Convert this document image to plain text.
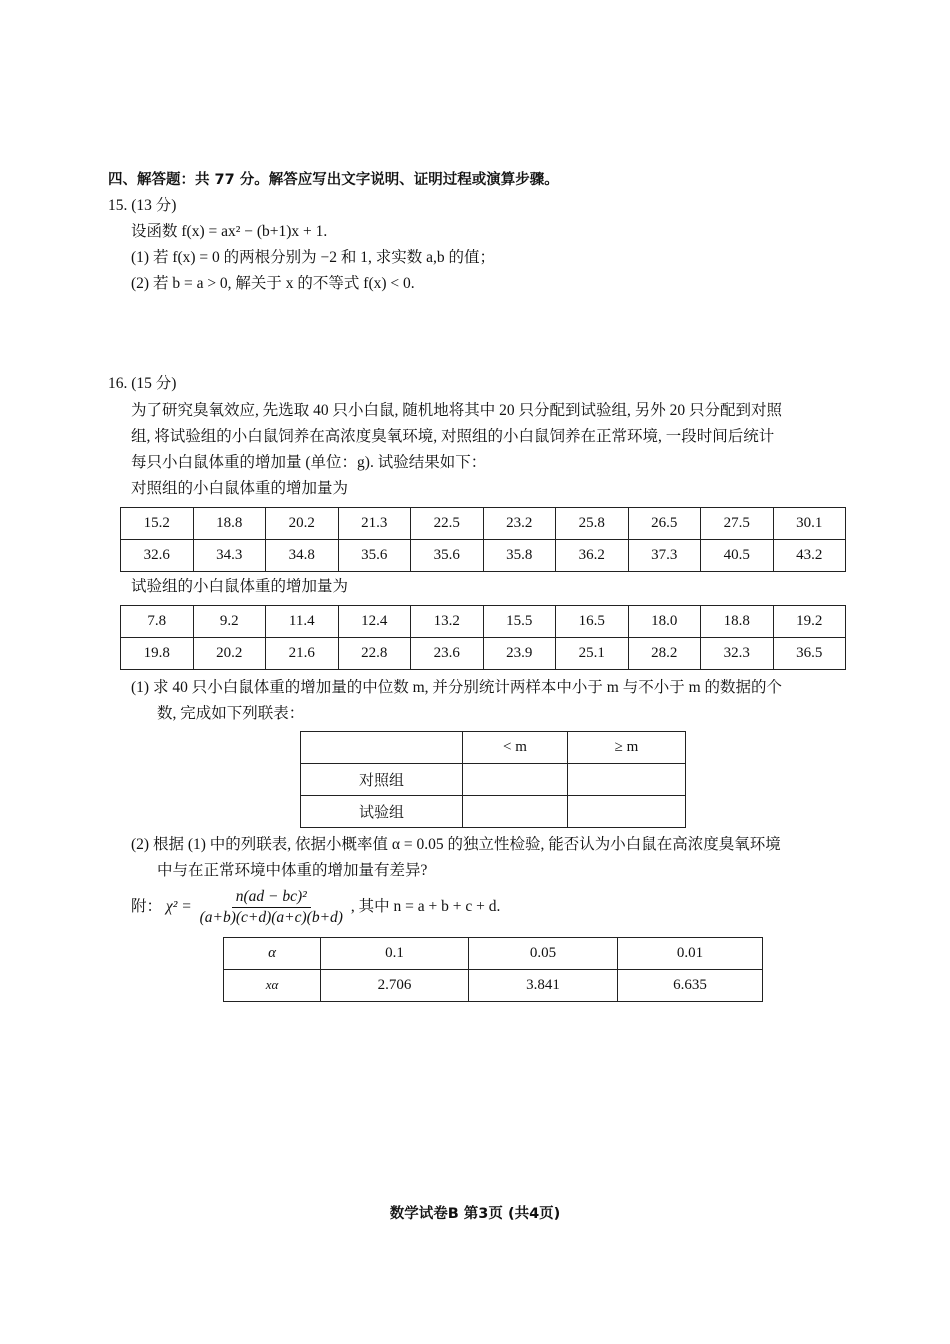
四、解答题：共 77 分。解答应写出文字说明、证明过程或演算步骤。
15. (13 分)
设函数 f(x) = ax² − (b+1)x + 1.
(1) 若 f(x) = 0 的两根分别为 −2 和 1, 求实数 a,b 的值；
(2) 若 b = a > 0, 解关于 x 的不等式 f(x) < 0.
16. (15 分)
为了研究臭氧效应, 先选取 40 只小白鼠, 随机地将其中 20 只分配到试验组, 另外 20 只分配到对照
组, 将试验组的小白鼠饲养在高浓度臭氧环境, 对照组的小白鼠饲养在正常环境, 一段时间后统计
每只小白鼠体重的增加量 (单位：g). 试验结果如下：
对照组的小白鼠体重的增加量为
15.2	18.8	20.2	21.3	22.5	23.2	25.8	26.5	27.5	30.1
32.6	34.3	34.8	35.6	35.6	35.8	36.2	37.3	40.5	43.2
试验组的小白鼠体重的增加量为
7.8	9.2	11.4	12.4	13.2	15.5	16.5	18.0	18.8	19.2
19.8	20.2	21.6	22.8	23.6	23.9	25.1	28.2	32.3	36.5
(1) 求 40 只小白鼠体重的增加量的中位数 m, 并分别统计两样本中小于 m 与不小于 m 的数据的个
数, 完成如下列联表：
	< m	≥ m
对照组		
试验组		
(2) 根据 (1) 中的列联表, 依据小概率值 α = 0.05 的独立性检验, 能否认为小白鼠在高浓度臭氧环境
中与在正常环境中体重的增加量有差异?
附： $\chi^2 = \frac{\text{n(ad − bc)²}}{(a+b)(c+d)(a+c)(b+d)}$ , 其中 n = a + b + c + d.
α	0.1	0.05	0.01
xα	2.706	3.841	6.635
数学试卷B 第3页 (共4页)
